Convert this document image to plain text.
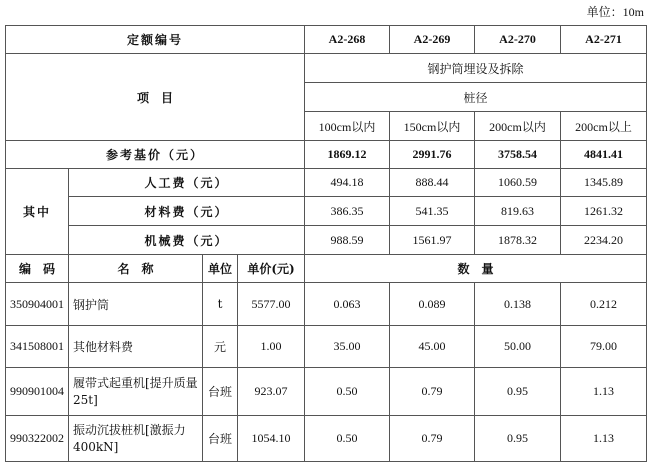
单位：10m
定额编号				A2-268	A2-269	A2-270	A2-271
项　目				钢护筒埋设及拆除			
				桩径			
				100cm以内	150cm以内	200cm以内	200cm以上
参考基价（元）				1869.12	2991.76	3758.54	4841.41
其中	人工费（元）			494.18	888.44	1060.59	1345.89
	材料费（元）			386.35	541.35	819.63	1261.32
	机械费（元）			988.59	1561.97	1878.32	2234.20
编　码	名　称	单位	单价(元)	数　量			
350904001	钢护筒	t	5577.00	0.063	0.089	0.138	0.212
341508001	其他材料费	元	1.00	35.00	45.00	50.00	79.00
990901004	履带式起重机[提升质量25t]	台班	923.07	0.50	0.79	0.95	1.13
990322002	振动沉拔桩机[激振力400kN]	台班	1054.10	0.50	0.79	0.95	1.13
